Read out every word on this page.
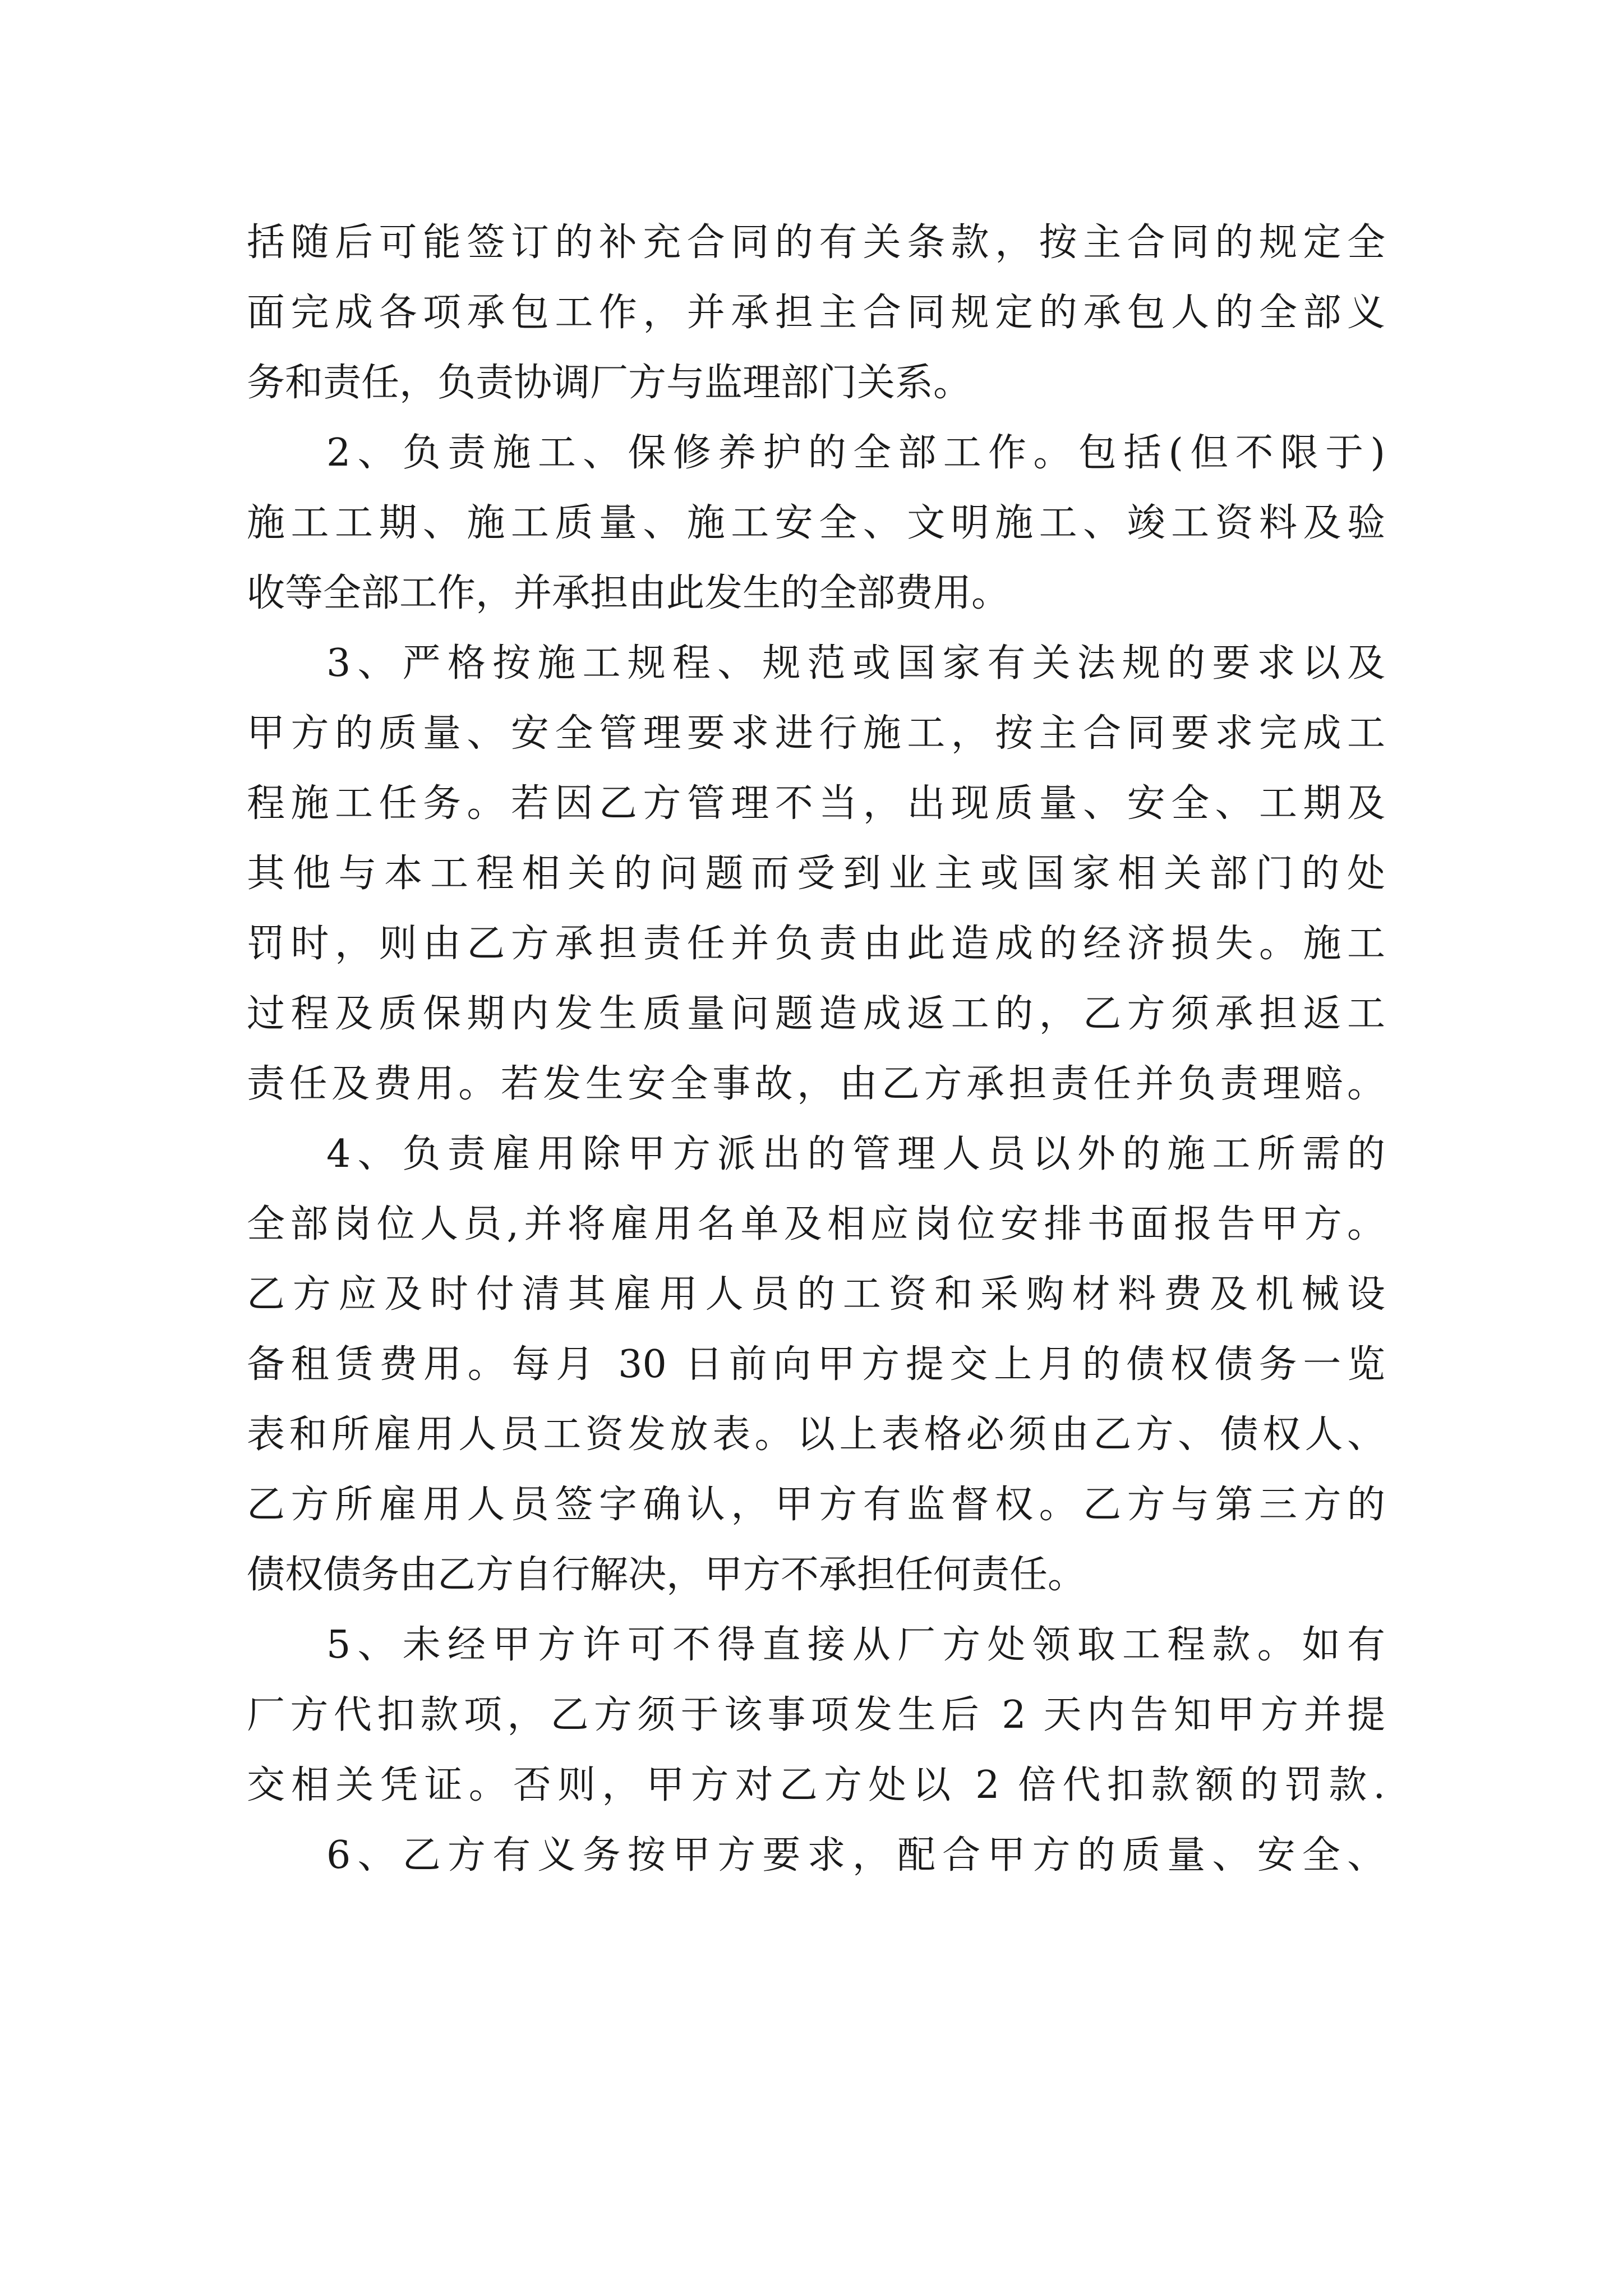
括随后可能签订的补充合同的有关条款，按主合同的规定全

面完成各项承包工作，并承担主合同规定的承包人的全部义

务和责任，负责协调厂方与监理部门关系。

2、负责施工、保修养护的全部工作。包括(但不限于)

施工工期、施工质量、施工安全、文明施工、竣工资料及验

收等全部工作，并承担由此发生的全部费用。

3、严格按施工规程、规范或国家有关法规的要求以及

甲方的质量、安全管理要求进行施工，按主合同要求完成工

程施工任务。若因乙方管理不当，出现质量、安全、工期及

其他与本工程相关的问题而受到业主或国家相关部门的处

罚时，则由乙方承担责任并负责由此造成的经济损失。施工

过程及质保期内发生质量问题造成返工的，乙方须承担返工

责任及费用。若发生安全事故，由乙方承担责任并负责理赔。

4、负责雇用除甲方派出的管理人员以外的施工所需的

全部岗位人员,并将雇用名单及相应岗位安排书面报告甲方。

乙方应及时付清其雇用人员的工资和采购材料费及机械设

备租赁费用。每月 30 日前向甲方提交上月的债权债务一览

表和所雇用人员工资发放表。以上表格必须由乙方、债权人、

乙方所雇用人员签字确认，甲方有监督权。乙方与第三方的

债权债务由乙方自行解决，甲方不承担任何责任。

5、未经甲方许可不得直接从厂方处领取工程款。如有

厂方代扣款项，乙方须于该事项发生后 2 天内告知甲方并提

交相关凭证。否则，甲方对乙方处以 2 倍代扣款额的罚款.

6、乙方有义务按甲方要求，配合甲方的质量、安全、
